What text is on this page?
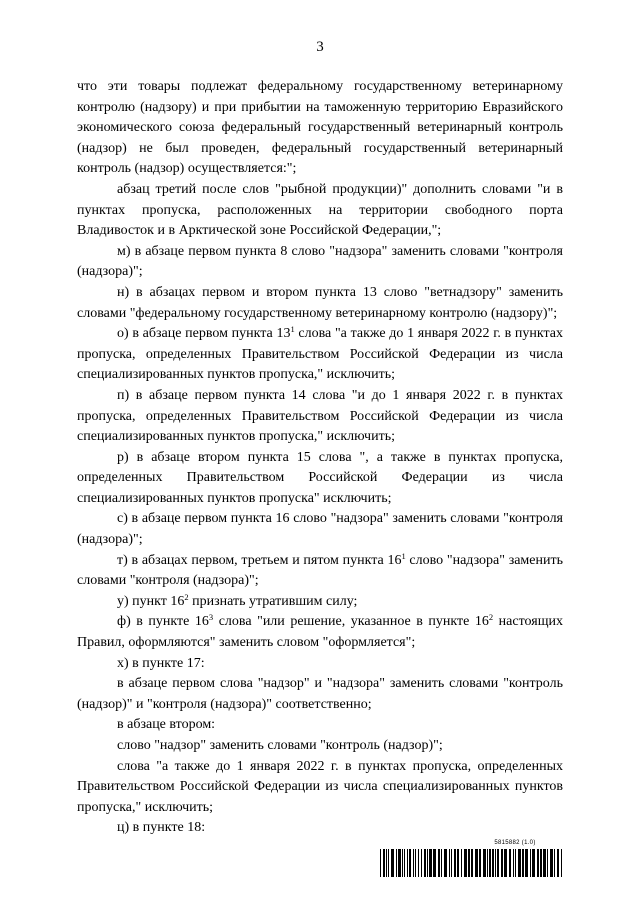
3

что эти товары подлежат федеральному государственному ветеринарному контролю (надзору) и при прибытии на таможенную территорию Евразийского экономического союза федеральный государственный ветеринарный контроль (надзор) не был проведен, федеральный государственный ветеринарный контроль (надзор) осуществляется:";

абзац третий после слов "рыбной продукции)" дополнить словами "и в пунктах пропуска, расположенных на территории свободного порта Владивосток и в Арктической зоне Российской Федерации,";

м) в абзаце первом пункта 8 слово "надзора" заменить словами "контроля (надзора)";

н) в абзацах первом и втором пункта 13 слово "ветнадзору" заменить словами "федеральному государственному ветеринарному контролю (надзору)";

о) в абзаце первом пункта $13^1$ слова "а также до 1 января 2022 г. в пунктах пропуска, определенных Правительством Российской Федерации из числа специализированных пунктов пропуска," исключить;

п) в абзаце первом пункта 14 слова "и до 1 января 2022 г. в пунктах пропуска, определенных Правительством Российской Федерации из числа специализированных пунктов пропуска," исключить;

р) в абзаце втором пункта 15 слова ", а также в пунктах пропуска, определенных Правительством Российской Федерации из числа специализированных пунктов пропуска" исключить;

с) в абзаце первом пункта 16 слово "надзора" заменить словами "контроля (надзора)";

т) в абзацах первом, третьем и пятом пункта $16^1$ слово "надзора" заменить словами "контроля (надзора)";

у) пункт $16^2$ признать утратившим силу;

ф) в пункте $16^3$ слова "или решение, указанное в пункте $16^2$ настоящих Правил, оформляются" заменить словом "оформляется";

х) в пункте 17:

в абзаце первом слова "надзор" и "надзора" заменить словами "контроль (надзор)" и "контроля (надзора)" соответственно;

в абзаце втором:

слово "надзор" заменить словами "контроль (надзор)";

слова "а также до 1 января 2022 г. в пунктах пропуска, определенных Правительством Российской Федерации из числа специализированных пунктов пропуска," исключить;

ц) в пункте 18:

5815882 (1.0)
